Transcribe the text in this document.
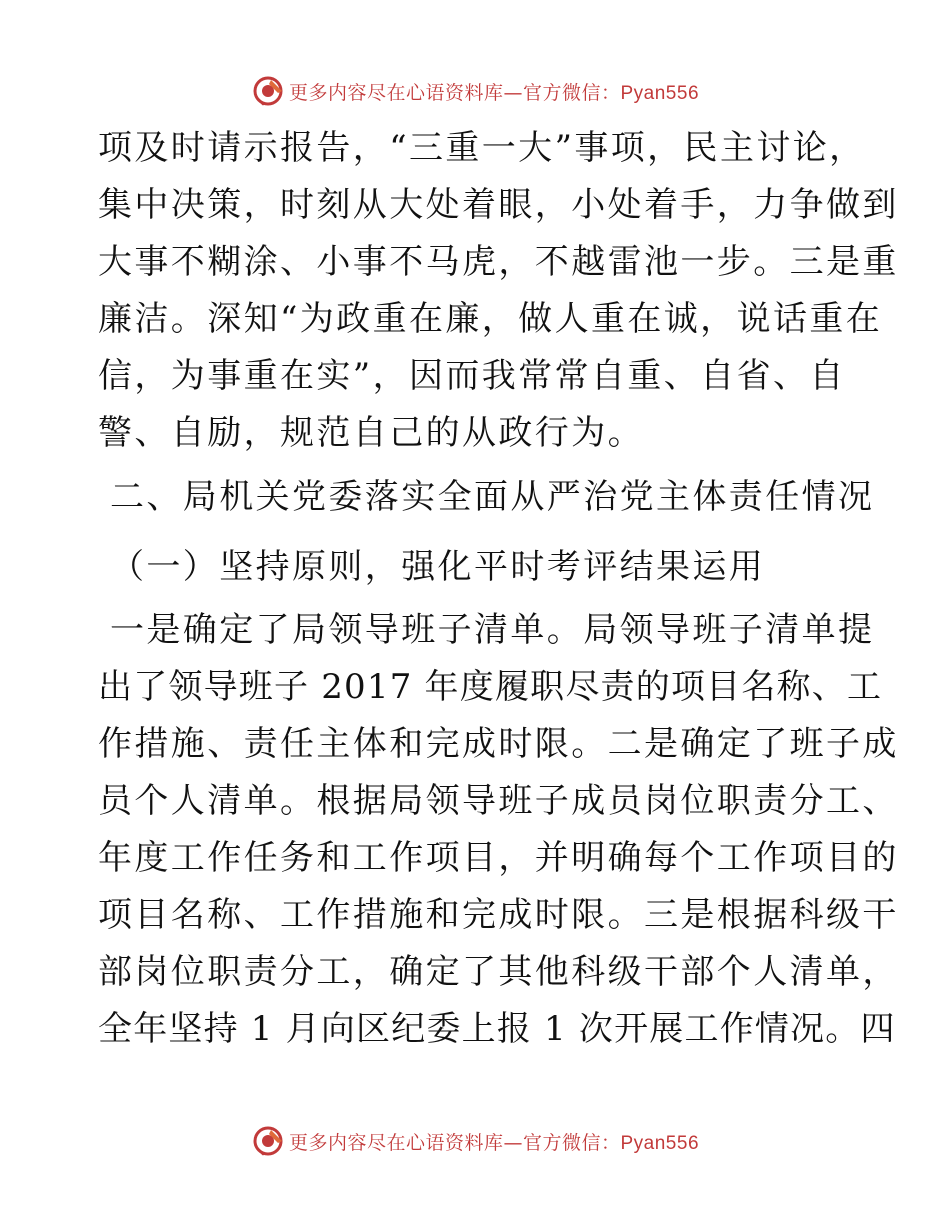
更多内容尽在心语资料库—官方微信：Pyan556
项及时请示报告，“三重一大”事项，民主讨论，
集中决策，时刻从大处着眼，小处着手，力争做到
大事不糊涂、小事不马虎，不越雷池一步。三是重
廉洁。深知“为政重在廉，做人重在诚，说话重在
信，为事重在实”，因而我常常自重、自省、自
警、自励，规范自己的从政行为。
二、局机关党委落实全面从严治党主体责任情况
（一）坚持原则，强化平时考评结果运用
一是确定了局领导班子清单。局领导班子清单提
出了领导班子 2017 年度履职尽责的项目名称、工
作措施、责任主体和完成时限。二是确定了班子成
员个人清单。根据局领导班子成员岗位职责分工、
年度工作任务和工作项目，并明确每个工作项目的
项目名称、工作措施和完成时限。三是根据科级干
部岗位职责分工，确定了其他科级干部个人清单，
全年坚持 1 月向区纪委上报 1 次开展工作情况。四
更多内容尽在心语资料库—官方微信：Pyan556
